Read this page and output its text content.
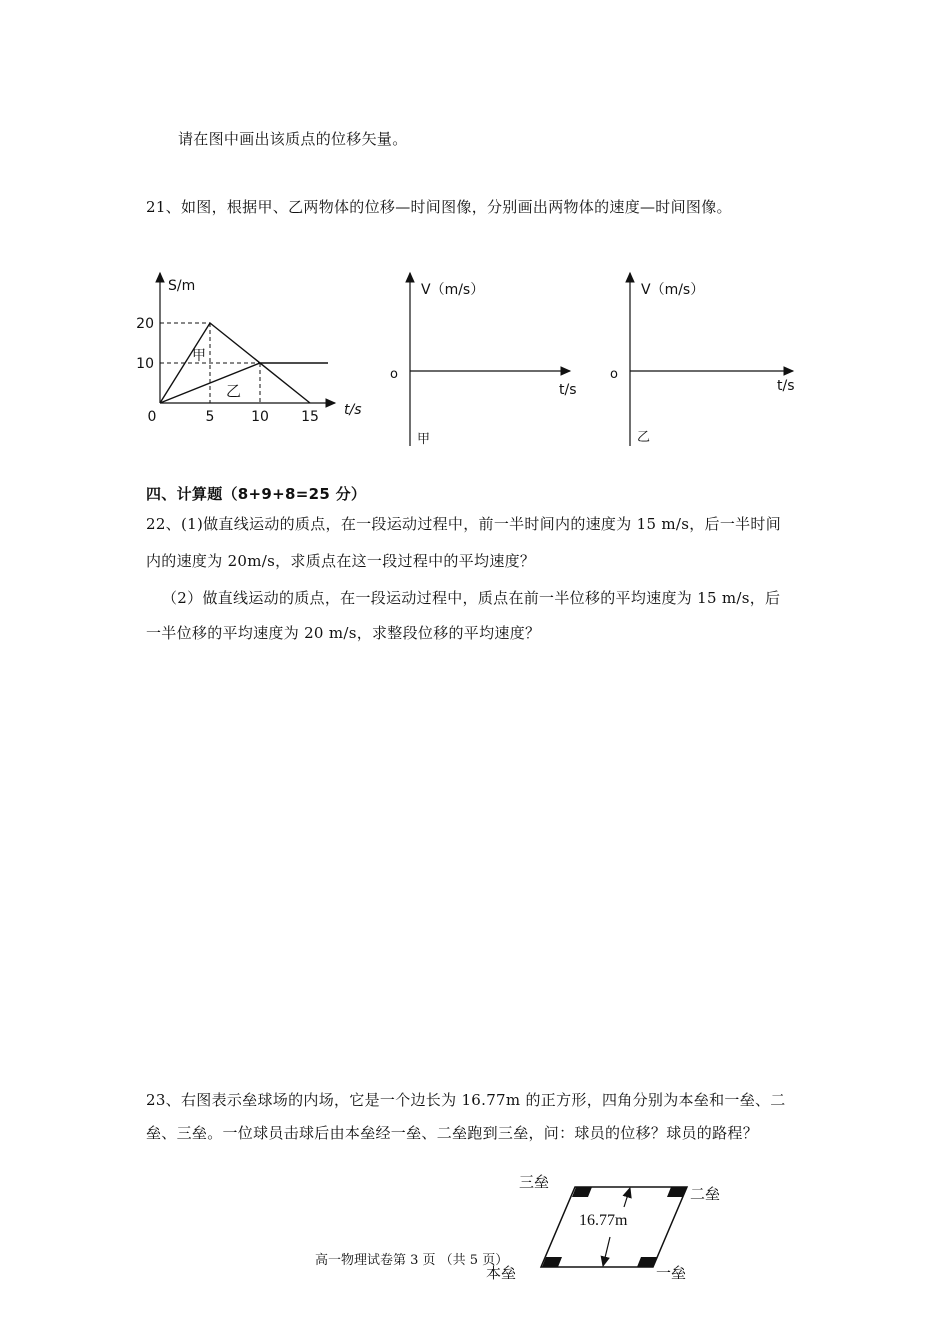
请在图中画出该质点的位移矢量。
21、如图，根据甲、乙两物体的位移—时间图像，分别画出两物体的速度—时间图像。
20
10
0	5	10 15
S/m
t/s
甲
乙
V（m/s）
o
t/s
甲
V（m/s）
o
t/s
乙
四、计算题（8+9+8=25 分）
22、(1)做直线运动的质点，在一段运动过程中，前一半时间内的速度为 15 m/s，后一半时间
内的速度为 20m/s，求质点在这一段过程中的平均速度？
（2）做直线运动的质点，在一段运动过程中，质点在前一半位移的平均速度为 15 m/s，后
一半位移的平均速度为 20 m/s，求整段位移的平均速度？
23、右图表示垒球场的内场，它是一个边长为 16.77m 的正方形，四角分别为本垒和一垒、二
垒、三垒。一位球员击球后由本垒经一垒、二垒跑到三垒，问：球员的位移？球员的路程？
三垒
二垒
本垒	一垒
16.77m
高一物理试卷第 3 页 （共 5 页）
